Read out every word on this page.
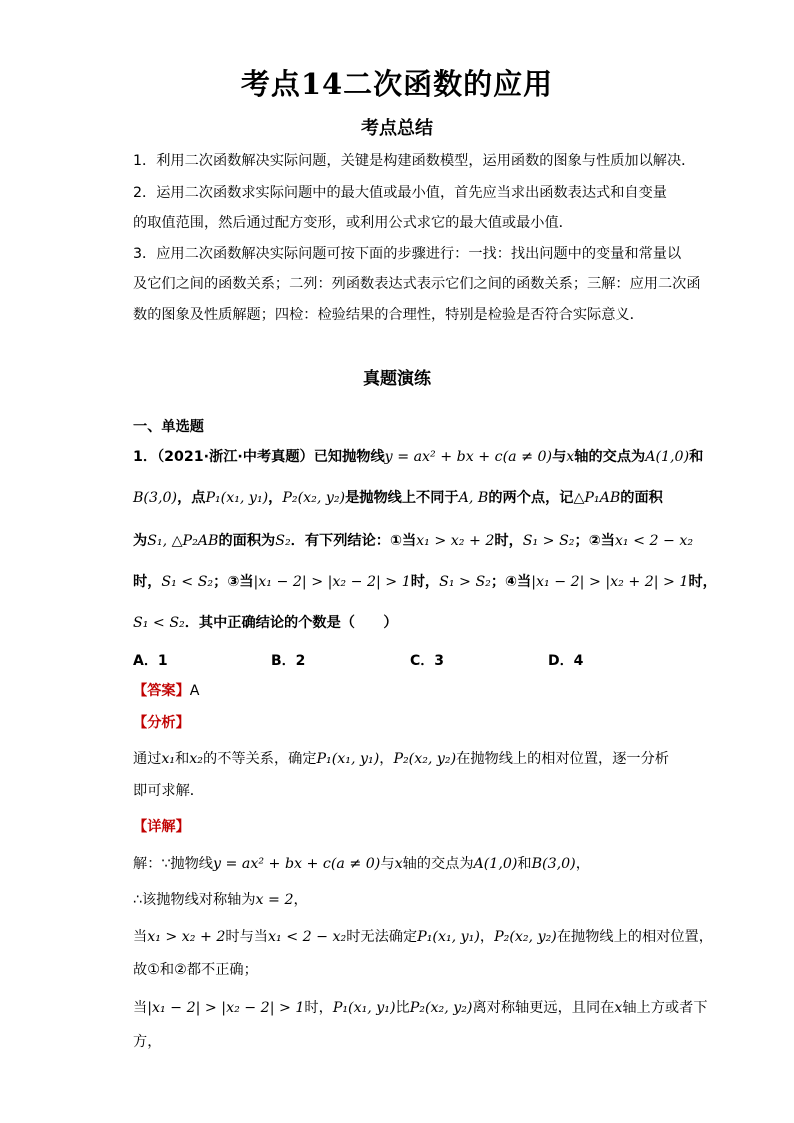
考点14二次函数的应用
考点总结
1．利用二次函数解决实际问题，关键是构建函数模型，运用函数的图象与性质加以解决．
2．运用二次函数求实际问题中的最大值或最小值，首先应当求出函数表达式和自变量
的取值范围，然后通过配方变形，或利用公式求它的最大值或最小值．
3．应用二次函数解决实际问题可按下面的步骤进行：一找：找出问题中的变量和常量以
及它们之间的函数关系；二列：列函数表达式表示它们之间的函数关系；三解：应用二次函
数的图象及性质解题；四检：检验结果的合理性，特别是检验是否符合实际意义．
真题演练
一、单选题
1．（2021·浙江·中考真题）已知抛物线y = ax² + bx + c(a ≠ 0)与x轴的交点为A(1,0)和
B(3,0)，点P₁(x₁, y₁)，P₂(x₂, y₂)是抛物线上不同于A, B的两个点，记△P₁AB的面积
为S₁, △P₂AB的面积为S₂．有下列结论：①当x₁ > x₂ + 2时，S₁ > S₂；②当x₁ < 2 − x₂
时，S₁ < S₂；③当|x₁ − 2| > |x₂ − 2| > 1时，S₁ > S₂；④当|x₁ − 2| > |x₂ + 2| > 1时，
S₁ < S₂．其中正确结论的个数是（　　）
A．1	B．2	C．3	D．4
【答案】A
【分析】
通过x₁和x₂的不等关系，确定P₁(x₁, y₁)，P₂(x₂, y₂)在抛物线上的相对位置，逐一分析
即可求解．
【详解】
解：∵抛物线y = ax² + bx + c(a ≠ 0)与x轴的交点为A(1,0)和B(3,0)，
∴该抛物线对称轴为x = 2，
当x₁ > x₂ + 2时与当x₁ < 2 − x₂时无法确定P₁(x₁, y₁)，P₂(x₂, y₂)在抛物线上的相对位置，
故①和②都不正确；
当|x₁ − 2| > |x₂ − 2| > 1时，P₁(x₁, y₁)比P₂(x₂, y₂)离对称轴更远，且同在x轴上方或者下
方，
